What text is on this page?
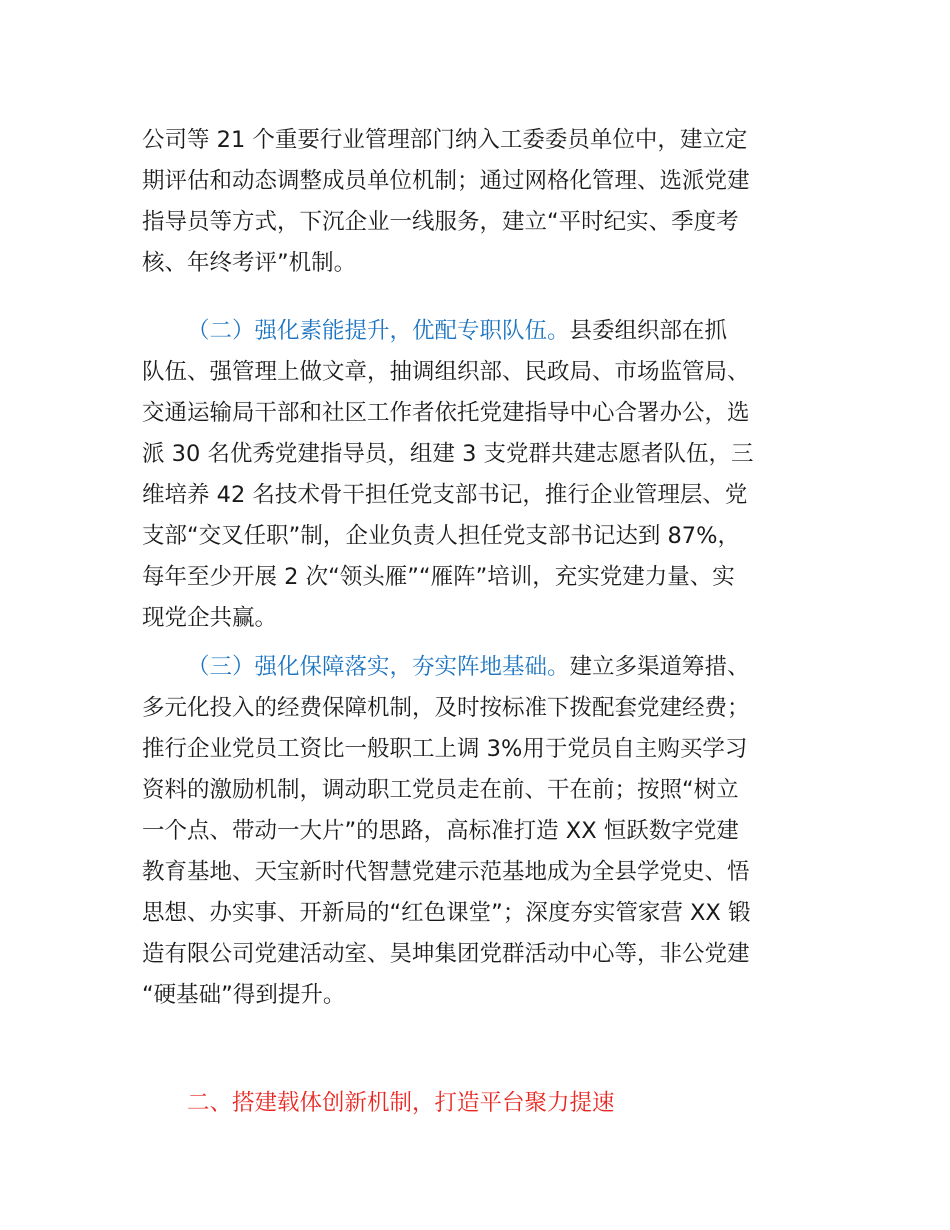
公司等 21 个重要行业管理部门纳入工委委员单位中，建立定
期评估和动态调整成员单位机制；通过网格化管理、选派党建
指导员等方式，下沉企业一线服务，建立“平时纪实、季度考
核、年终考评”机制。

（二）强化素能提升，优配专职队伍。县委组织部在抓
队伍、强管理上做文章，抽调组织部、民政局、市场监管局、
交通运输局干部和社区工作者依托党建指导中心合署办公，选
派 30 名优秀党建指导员，组建 3 支党群共建志愿者队伍，三
维培养 42 名技术骨干担任党支部书记，推行企业管理层、党
支部“交叉任职”制，企业负责人担任党支部书记达到 87%，
每年至少开展 2 次“领头雁”“雁阵”培训，充实党建力量、实
现党企共赢。

（三）强化保障落实，夯实阵地基础。建立多渠道筹措、
多元化投入的经费保障机制，及时按标准下拨配套党建经费；
推行企业党员工资比一般职工上调 3%用于党员自主购买学习
资料的激励机制，调动职工党员走在前、干在前；按照“树立
一个点、带动一大片”的思路，高标准打造 XX 恒跃数字党建
教育基地、天宝新时代智慧党建示范基地成为全县学党史、悟
思想、办实事、开新局的“红色课堂”；深度夯实管家营 XX 锻
造有限公司党建活动室、昊坤集团党群活动中心等，非公党建
“硬基础”得到提升。

二、搭建载体创新机制，打造平台聚力提速
